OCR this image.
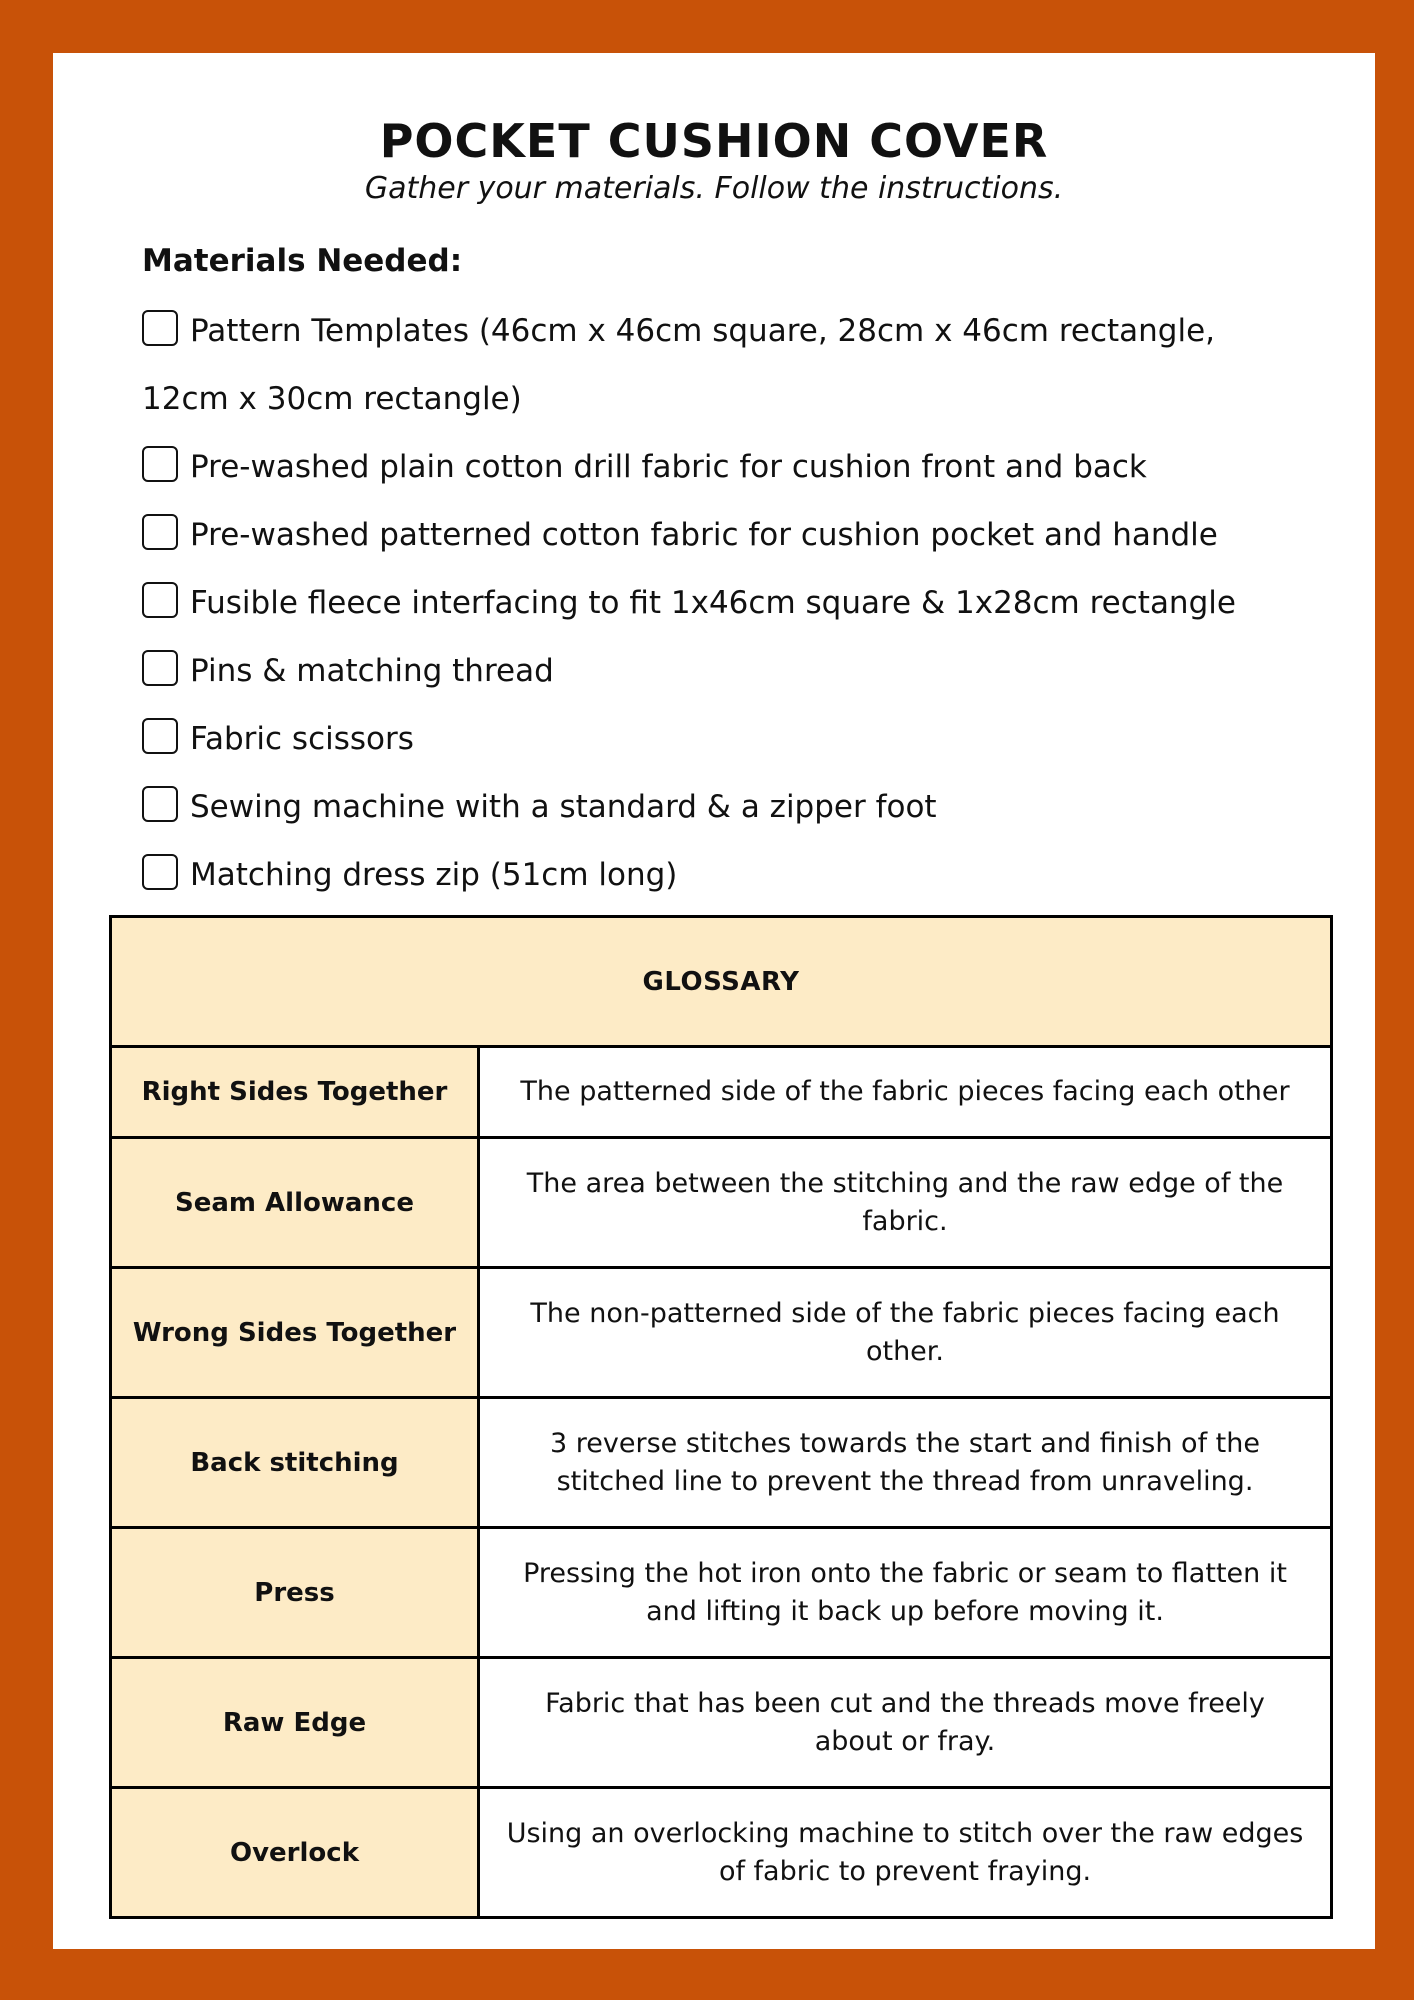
POCKET CUSHION COVER
Gather your materials. Follow the instructions.
Materials Needed:
Pattern Templates (46cm x 46cm square, 28cm x 46cm rectangle, 12cm x 30cm rectangle)
Pre-washed plain cotton drill fabric for cushion front and back
Pre-washed patterned cotton fabric for cushion pocket and handle
Fusible fleece interfacing to fit 1x46cm square & 1x28cm rectangle
Pins & matching thread
Fabric scissors
Sewing machine with a standard & a zipper foot
Matching dress zip (51cm long)
GLOSSARY	
Right Sides Together	The patterned side of the fabric pieces facing each other
Seam Allowance	The area between the stitching and the raw edge of the fabric.
Wrong Sides Together	The non-patterned side of the fabric pieces facing each other.
Back stitching	3 reverse stitches towards the start and finish of the stitched line to prevent the thread from unraveling.
Press	Pressing the hot iron onto the fabric or seam to flatten it and lifting it back up before moving it.
Raw Edge	Fabric that has been cut and the threads move freely about or fray.
Overlock	Using an overlocking machine to stitch over the raw edges of fabric to prevent fraying.
